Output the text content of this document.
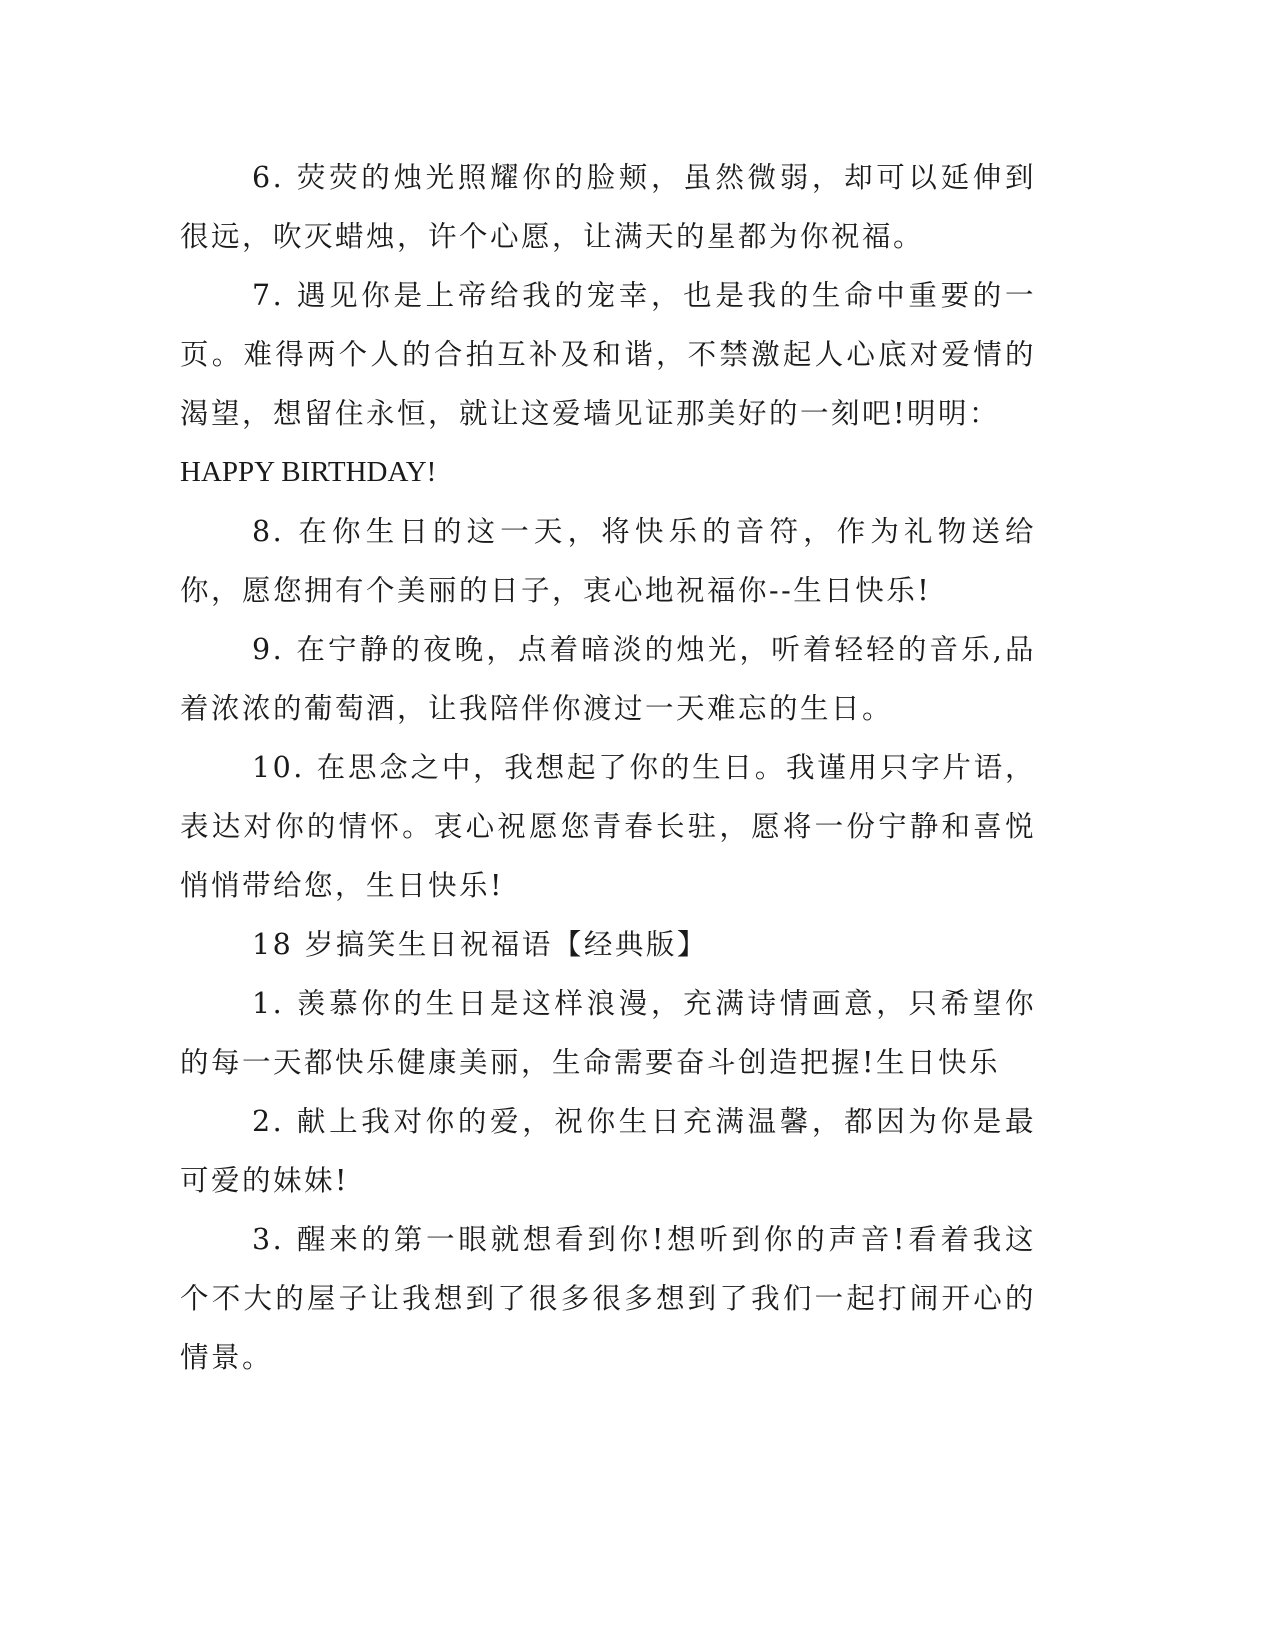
6. 荧荧的烛光照耀你的脸颊，虽然微弱，却可以延伸到很远，吹灭蜡烛，许个心愿，让满天的星都为你祝福。

7. 遇见你是上帝给我的宠幸，也是我的生命中重要的一页。难得两个人的合拍互补及和谐，不禁激起人心底对爱情的渴望，想留住永恒，就让这爱墙见证那美好的一刻吧!明明：

HAPPY BIRTHDAY!

8. 在你生日的这一天，将快乐的音符，作为礼物送给你，愿您拥有个美丽的日子，衷心地祝福你--生日快乐!

9. 在宁静的夜晚，点着暗淡的烛光，听着轻轻的音乐,品着浓浓的葡萄酒，让我陪伴你渡过一天难忘的生日。

10. 在思念之中，我想起了你的生日。我谨用只字片语，表达对你的情怀。衷心祝愿您青春长驻，愿将一份宁静和喜悦悄悄带给您，生日快乐!

18 岁搞笑生日祝福语【经典版】

1. 羡慕你的生日是这样浪漫，充满诗情画意，只希望你的每一天都快乐健康美丽，生命需要奋斗创造把握!生日快乐

2. 献上我对你的爱，祝你生日充满温馨，都因为你是最可爱的妹妹!

3. 醒来的第一眼就想看到你!想听到你的声音!看着我这个不大的屋子让我想到了很多很多想到了我们一起打闹开心的情景。
